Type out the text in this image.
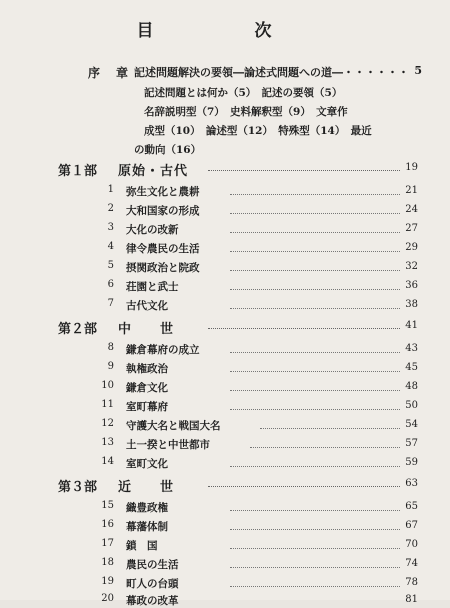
目　次
序　章 記述問題解決の要領―論述式問題への道―・・・・・・ 5
記述問題とは何か（5）　記述の要領（5）
名辞説明型（7）　史料解釈型（9）　文章作
成型（10）　論述型（12）　特殊型（14）　最近
の動向（16）
第１部 原始・古代	19
1 弥生文化と農耕	21
2 大和国家の形成	24
3 大化の改新	27
4 律令農民の生活	29
5 摂関政治と院政	32
6 荘園と武士	36
7 古代文化	38
第２部 中　　世	41
8 鎌倉幕府の成立	43
9 執権政治	45
10 鎌倉文化	48
11 室町幕府	50
12 守護大名と戦国大名	54
13 土一揆と中世都市	57
14 室町文化	59
第３部 近　　世	63
15 織豊政権	65
16 幕藩体制	67
17 鎖　国	70
18 農民の生活	74
19 町人の台頭	78
20 幕政の改革	81
